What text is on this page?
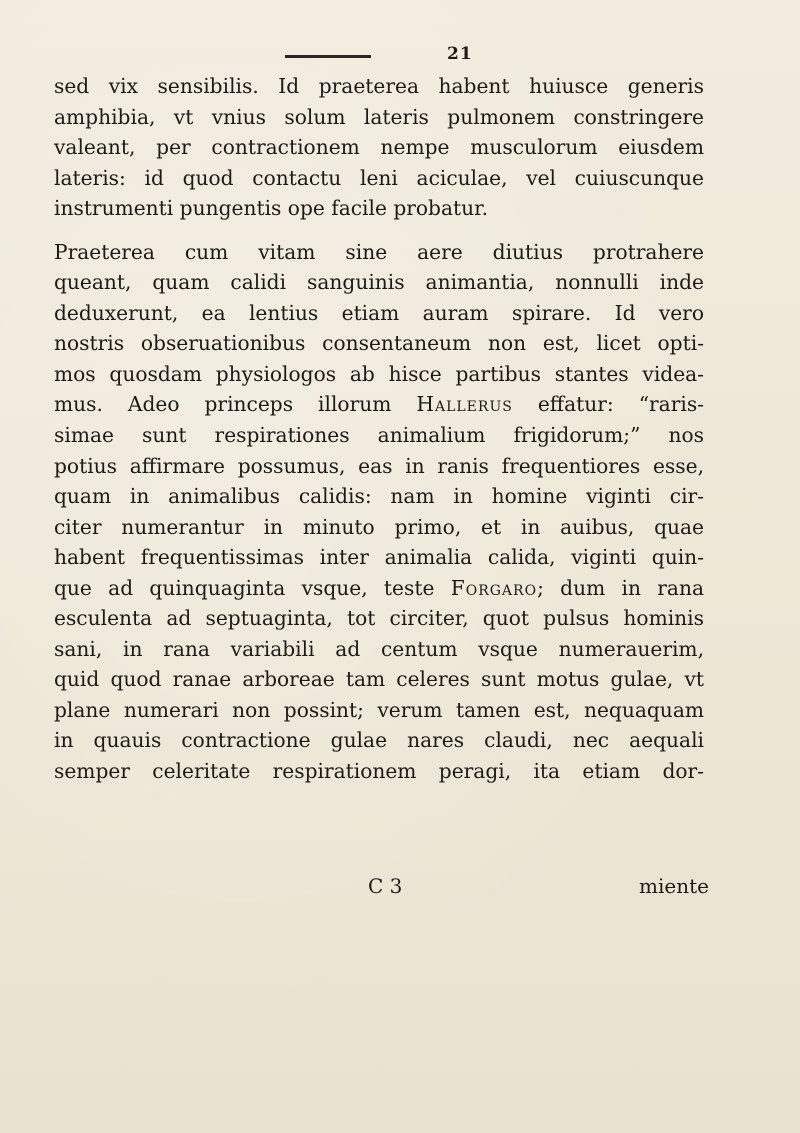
21
sed vix sensibilis. Id praeterea habent huiusce generis
amphibia, vt vnius solum lateris pulmonem constringere
valeant, per contractionem nempe musculorum eiusdem
lateris: id quod contactu leni aciculae, vel cuiuscunque
instrumenti pungentis ope facile probatur.
Praeterea cum vitam sine aere diutius protrahere
queant, quam calidi sanguinis animantia, nonnulli inde
deduxerunt, ea lentius etiam auram spirare. Id vero
nostris obseruationibus consentaneum non est, licet opti-
mos quosdam physiologos ab hisce partibus stantes videa-
mus. Adeo princeps illorum Hallerus effatur: “raris-
simae sunt respirationes animalium frigidorum;” nos
potius affirmare possumus, eas in ranis frequentiores esse,
quam in animalibus calidis: nam in homine viginti cir-
citer numerantur in minuto primo, et in auibus, quae
habent frequentissimas inter animalia calida, viginti quin-
que ad quinquaginta vsque, teste Forgaro; dum in rana
esculenta ad septuaginta, tot circiter, quot pulsus hominis
sani, in rana variabili ad centum vsque numerauerim,
quid quod ranae arboreae tam celeres sunt motus gulae, vt
plane numerari non possint; verum tamen est, nequaquam
in quauis contractione gulae nares claudi, nec aequali
semper celeritate respirationem peragi, ita etiam dor-
C 3	miente
